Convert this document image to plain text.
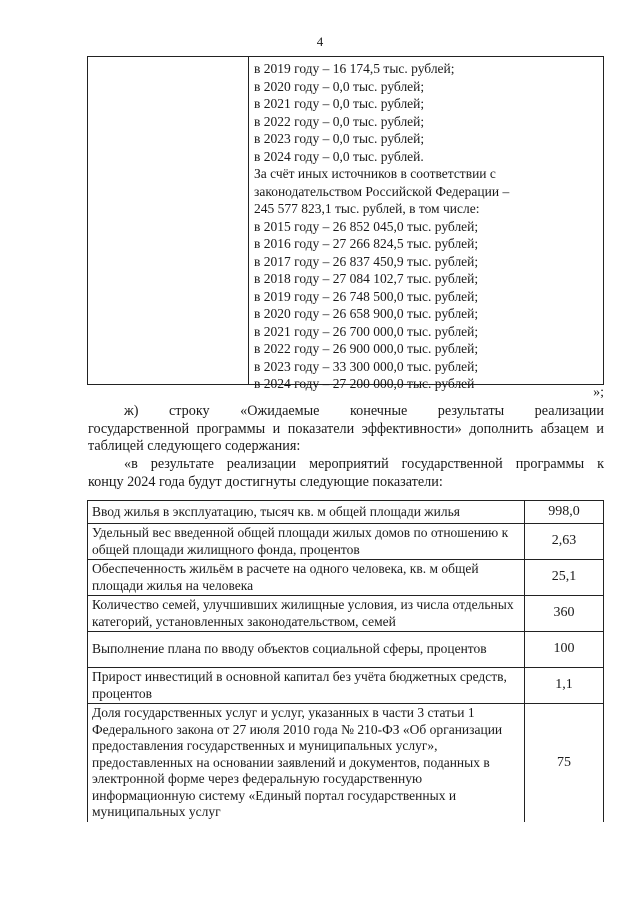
4
в 2019 году – 16 174,5 тыс. рублей;
в 2020 году – 0,0 тыс. рублей;
в 2021 году – 0,0 тыс. рублей;
в 2022 году – 0,0 тыс. рублей;
в 2023 году – 0,0 тыс. рублей;
в 2024 году – 0,0 тыс. рублей.
За счёт иных источников в соответствии с
законодательством Российской Федерации –
245 577 823,1 тыс. рублей, в том числе:
в 2015 году – 26 852 045,0 тыс. рублей;
в 2016 году – 27 266 824,5 тыс. рублей;
в 2017 году – 26 837 450,9 тыс. рублей;
в 2018 году – 27 084 102,7 тыс. рублей;
в 2019 году – 26 748 500,0 тыс. рублей;
в 2020 году – 26 658 900,0 тыс. рублей;
в 2021 году – 26 700 000,0 тыс. рублей;
в 2022 году – 26 900 000,0 тыс. рублей;
в 2023 году – 33 300 000,0 тыс. рублей;
в 2024 году – 27 200 000,0 тыс. рублей
»;
ж) строку «Ожидаемые конечные результаты реализации
государственной программы и показатели эффективности» дополнить абзацем и таблицей следующего содержания:
«в результате реализации мероприятий государственной программы к
концу 2024 года будут достигнуты следующие показатели:
Ввод жилья в эксплуатацию, тысяч кв. м общей площади жилья	998,0
Удельный вес введенной общей площади жилых домов по отношению к общей площади жилищного фонда, процентов	2,63
Обеспеченность жильём в расчете на одного человека, кв. м общей площади жилья на человека	25,1
Количество семей, улучшивших жилищные условия, из числа отдельных категорий, установленных законодательством, семей	360
Выполнение плана по вводу объектов социальной сферы, процентов	100
Прирост инвестиций в основной капитал без учёта бюджетных средств, процентов	1,1
Доля государственных услуг и услуг, указанных в части 3 статьи 1 Федерального закона от 27 июля 2010 года № 210-ФЗ «Об организации предоставления государственных и муниципальных услуг», предоставленных на основании заявлений и документов, поданных в электронной форме через федеральную государственную информационную систему «Единый портал государственных и муниципальных услуг	75
